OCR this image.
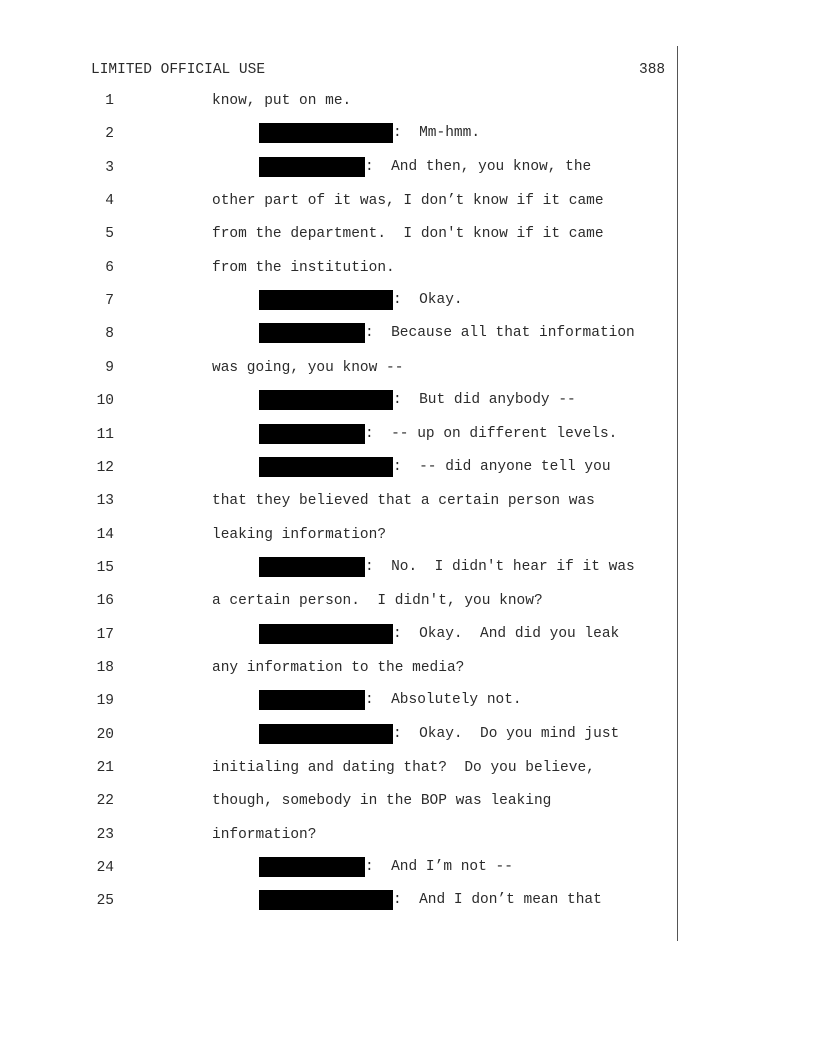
LIMITED OFFICIAL USE	388
1	know, put on me.
2	:  Mm-hmm.
3	:  And then, you know, the
4	other part of it was, I don’t know if it came
5	from the department.  I don't know if it came
6	from the institution.
7	:  Okay.
8	:  Because all that information
9	was going, you know --
10	:  But did anybody --
11	:  -- up on different levels.
12	:  -- did anyone tell you
13	that they believed that a certain person was
14	leaking information?
15	:  No.  I didn't hear if it was
16	a certain person.  I didn't, you know?
17	:  Okay.  And did you leak
18	any information to the media?
19	:  Absolutely not.
20	:  Okay.  Do you mind just
21	initialing and dating that?  Do you believe,
22	though, somebody in the BOP was leaking
23	information?
24	:  And I’m not --
25	:  And I don’t mean that
